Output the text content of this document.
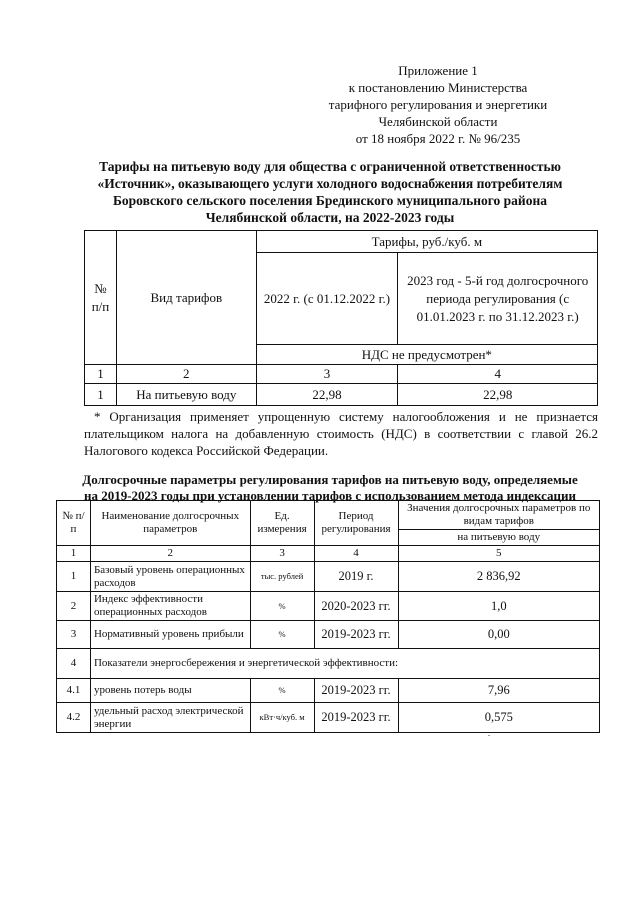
Приложение 1
к постановлению Министерства
тарифного регулирования и энергетики
Челябинской области
от 18 ноября 2022 г. № 96/235
Тарифы на питьевую воду для общества с ограниченной ответственностью
«Источник», оказывающего услуги холодного водоснабжения потребителям
Боровского сельского поселения Брединского муниципального района
Челябинской области, на 2022-2023 годы
№ п/п	Вид тарифов	Тарифы, руб./куб. м	
		2022 г. (с 01.12.2022 г.)	2023 год - 5-й год долгосрочного периода регулирования (с 01.01.2023 г. по 31.12.2023 г.)
		НДС не предусмотрен*	
1	2	3	4
1	На питьевую воду	22,98	22,98
* Организация применяет упрощенную систему налогообложения и не признается плательщиком налога на добавленную стоимость (НДС) в соответствии с главой 26.2 Налогового кодекса Российской Федерации.
Долгосрочные параметры регулирования тарифов на питьевую воду, определяемые
на 2019-2023 годы при установлении тарифов с использованием метода индексации
№ п/п	Наименование долгосрочных параметров	Ед. измерения	Период регулирования	Значения долгосрочных параметров по видам тарифов
				на питьевую воду
1	2	3	4	5
1	Базовый уровень операционных расходов	тыс. рублей	2019 г.	2 836,92
2	Индекс эффективности операционных расходов	%	2020-2023 гг.	1,0
3	Нормативный уровень прибыли	%	2019-2023 гг.	0,00
4	Показатели энергосбережения и энергетической эффективности:			
4.1	уровень потерь воды	%	2019-2023 гг.	7,96
4.2	удельный расход электрической энергии	кВт·ч/куб. м	2019-2023 гг.	0,575
